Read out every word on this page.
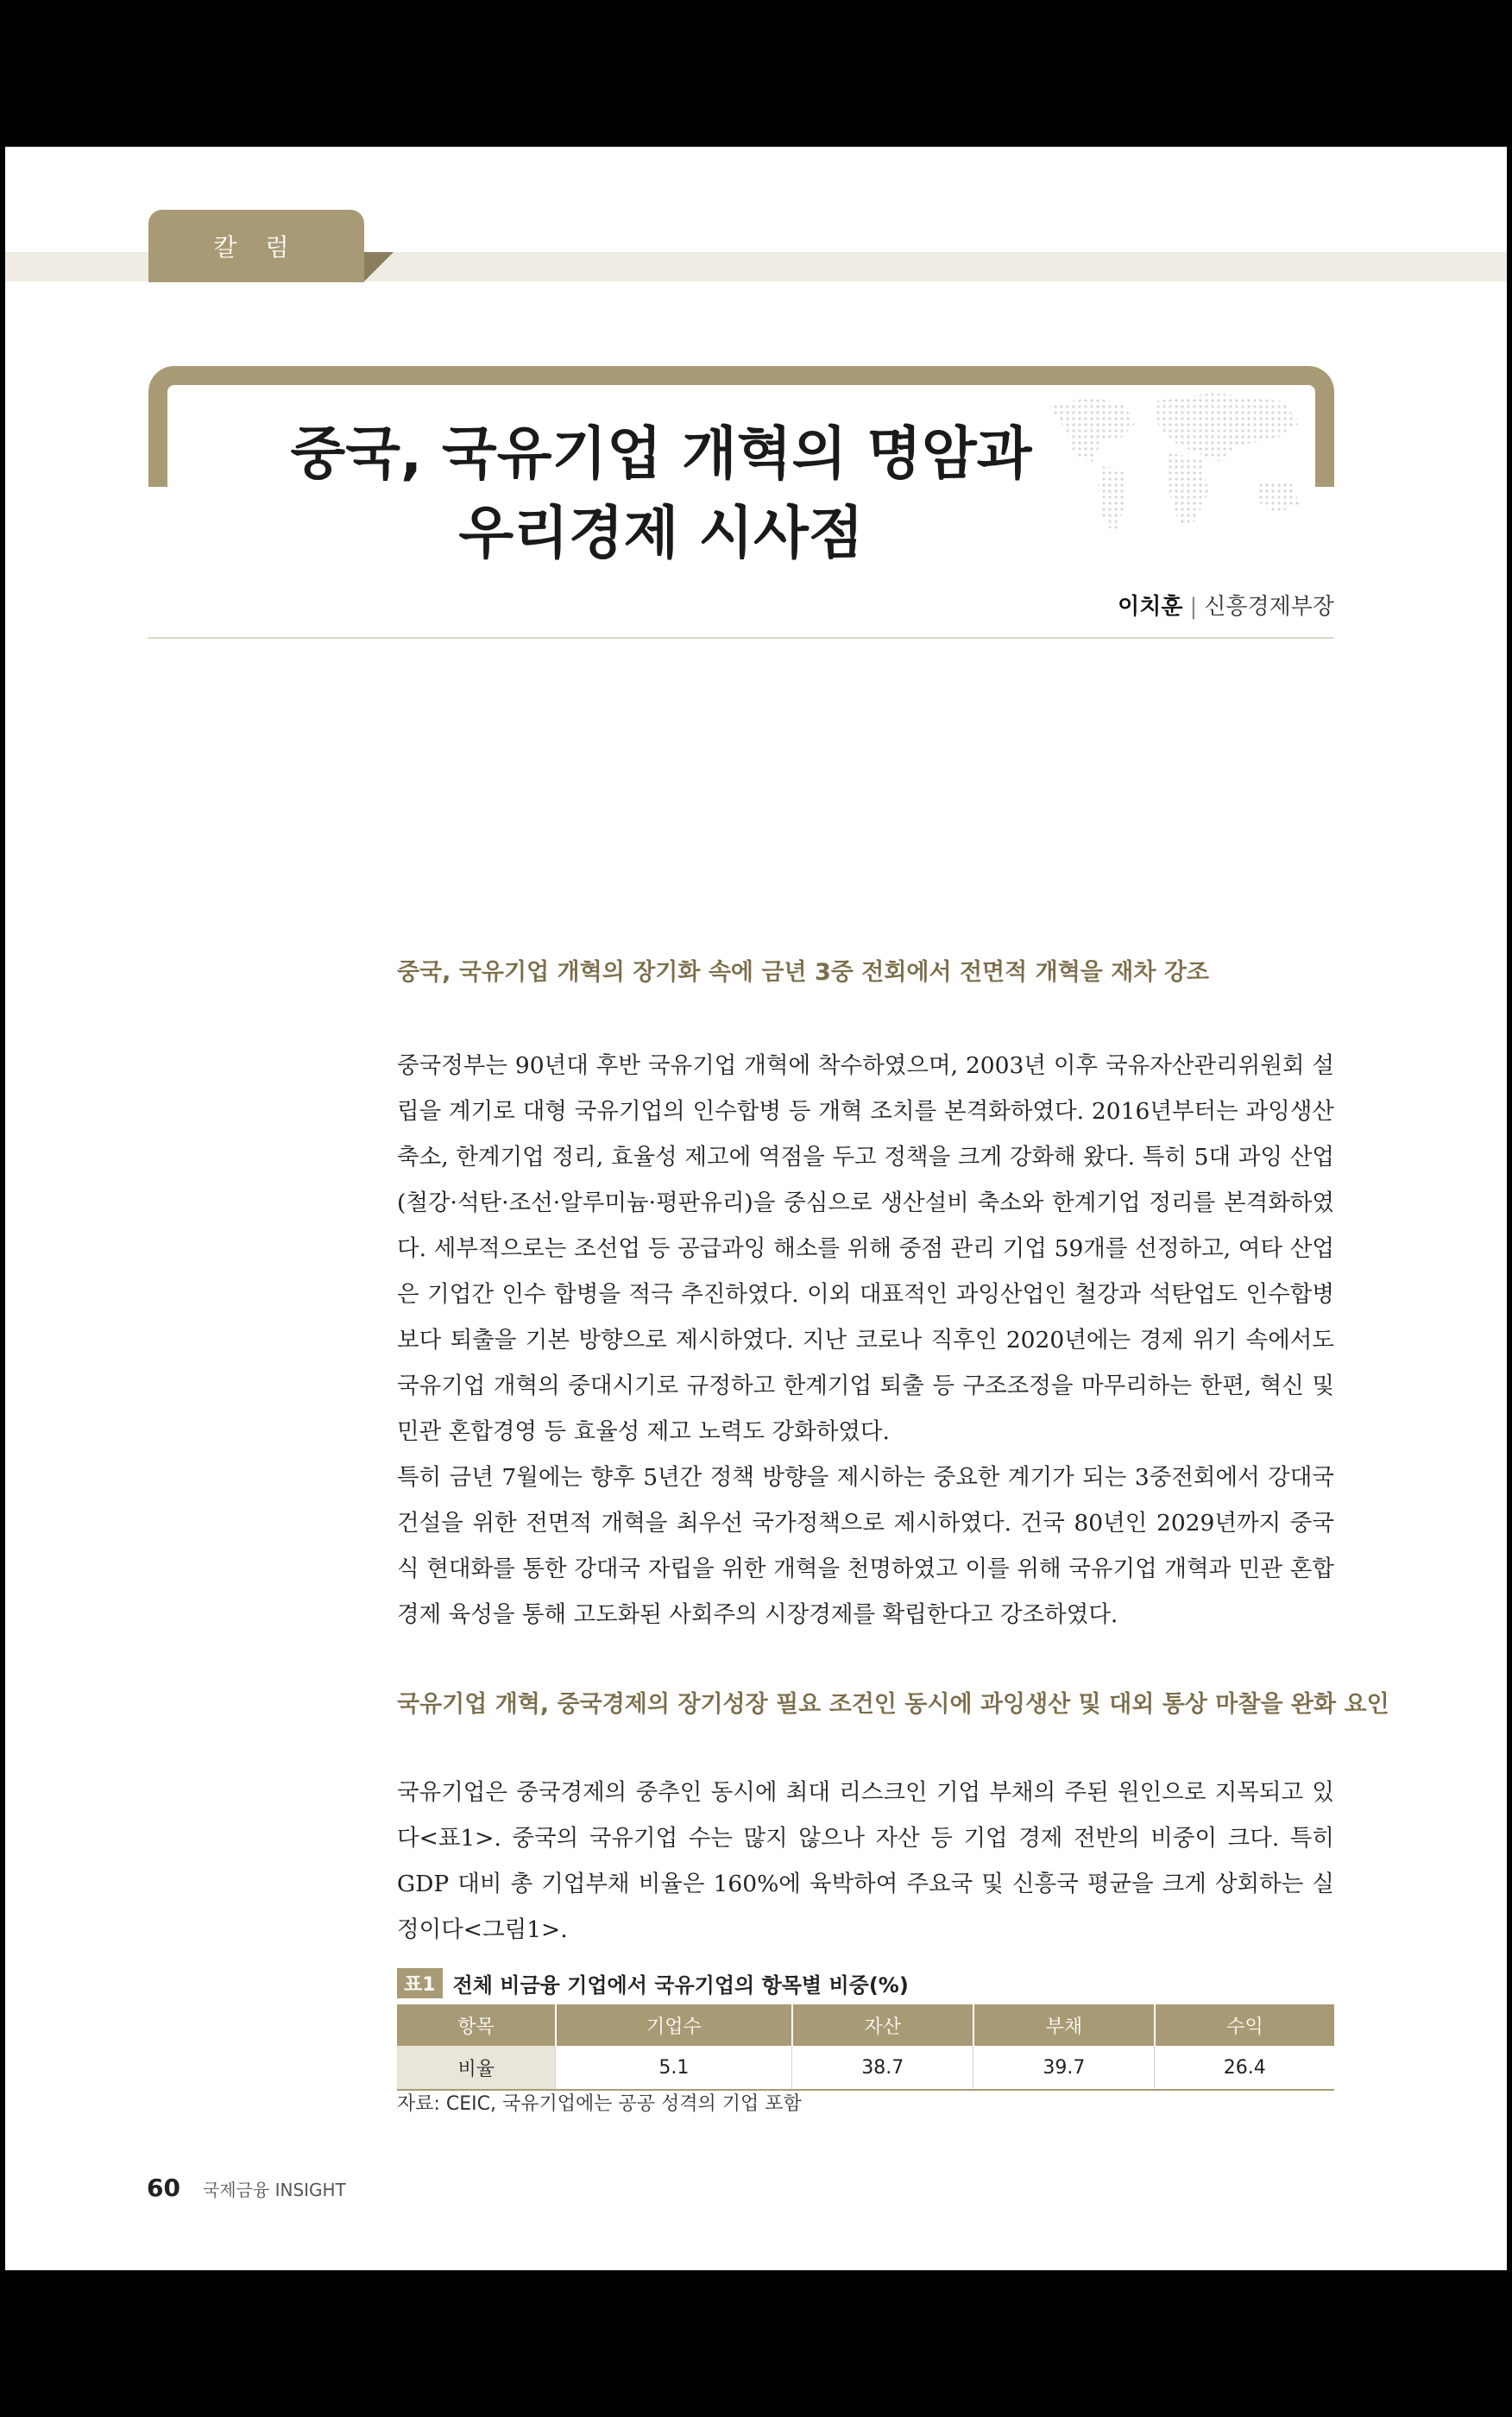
칼 럼
중국, 국유기업 개혁의 명암과
우리경제 시사점
이치훈 | 신흥경제부장
중국, 국유기업 개혁의 장기화 속에 금년 3중 전회에서 전면적 개혁을 재차 강조

중국정부는 90년대 후반 국유기업 개혁에 착수하였으며, 2003년 이후 국유자산관리위원회 설립을 계기로 대형 국유기업의 인수합병 등 개혁 조치를 본격화하였다. 2016년부터는 과잉생산 축소, 한계기업 정리, 효율성 제고에 역점을 두고 정책을 크게 강화해 왔다. 특히 5대 과잉 산업(철강·석탄·조선·알루미늄·평판유리)을 중심으로 생산설비 축소와 한계기업 정리를 본격화하였다. 세부적으로는 조선업 등 공급과잉 해소를 위해 중점 관리 기업 59개를 선정하고, 여타 산업은 기업간 인수 합병을 적극 추진하였다. 이외 대표적인 과잉산업인 철강과 석탄업도 인수합병보다 퇴출을 기본 방향으로 제시하였다. 지난 코로나 직후인 2020년에는 경제 위기 속에서도 국유기업 개혁의 중대시기로 규정하고 한계기업 퇴출 등 구조조정을 마무리하는 한편, 혁신 및 민관 혼합경영 등 효율성 제고 노력도 강화하였다.

특히 금년 7월에는 향후 5년간 정책 방향을 제시하는 중요한 계기가 되는 3중전회에서 강대국 건설을 위한 전면적 개혁을 최우선 국가정책으로 제시하였다. 건국 80년인 2029년까지 중국식 현대화를 통한 강대국 자립을 위한 개혁을 천명하였고 이를 위해 국유기업 개혁과 민관 혼합 경제 육성을 통해 고도화된 사회주의 시장경제를 확립한다고 강조하였다.

국유기업 개혁, 중국경제의 장기성장 필요 조건인 동시에 과잉생산 및 대외 통상 마찰을 완화 요인

국유기업은 중국경제의 중추인 동시에 최대 리스크인 기업 부채의 주된 원인으로 지목되고 있다<표1>. 중국의 국유기업 수는 많지 않으나 자산 등 기업 경제 전반의 비중이 크다. 특히 GDP 대비 총 기업부채 비율은 160%에 육박하여 주요국 및 신흥국 평균을 크게 상회하는 실정이다<그림1>.

표1 전체 비금융 기업에서 국유기업의 항목별 비중(%)
항목	기업수	자산	부채	수익
비율	5.1	38.7	39.7	26.4
자료: CEIC, 국유기업에는 공공 성격의 기업 포함
60 국제금융 INSIGHT
